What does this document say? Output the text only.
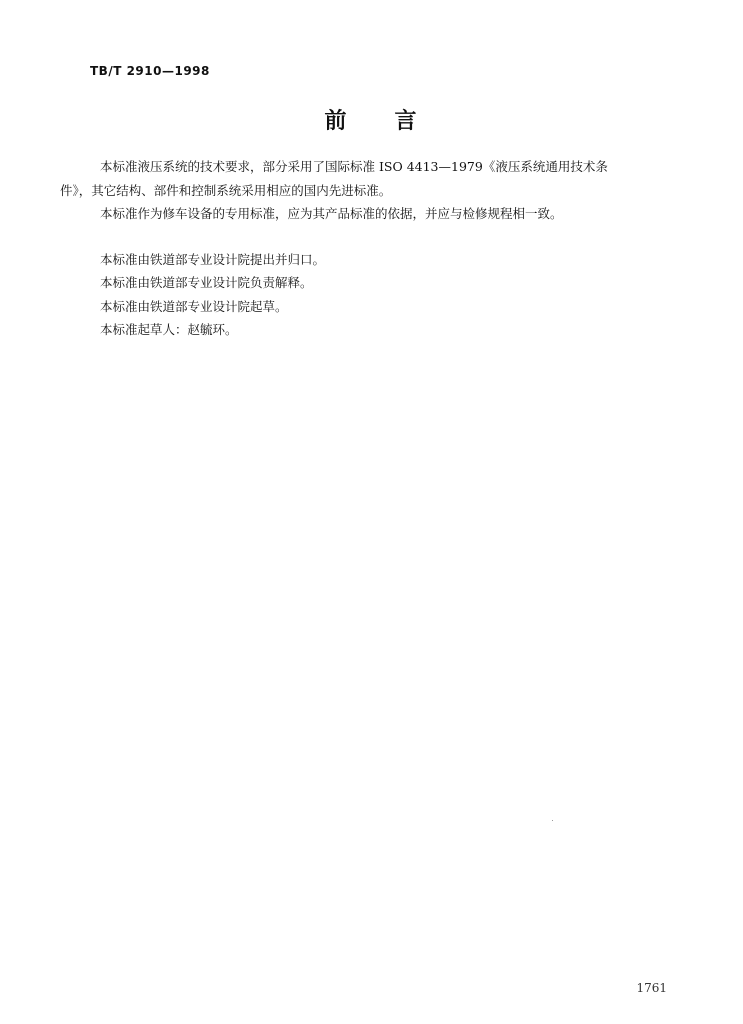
TB/T 2910—1998
前 言

本标准液压系统的技术要求，部分采用了国际标准 ISO 4413—1979《液压系统通用技术条

件》，其它结构、部件和控制系统采用相应的国内先进标准。

本标准作为修车设备的专用标准，应为其产品标准的依据，并应与检修规程相一致。

本标准由铁道部专业设计院提出并归口。

本标准由铁道部专业设计院负责解释。

本标准由铁道部专业设计院起草。

本标准起草人：赵毓环。

1761
